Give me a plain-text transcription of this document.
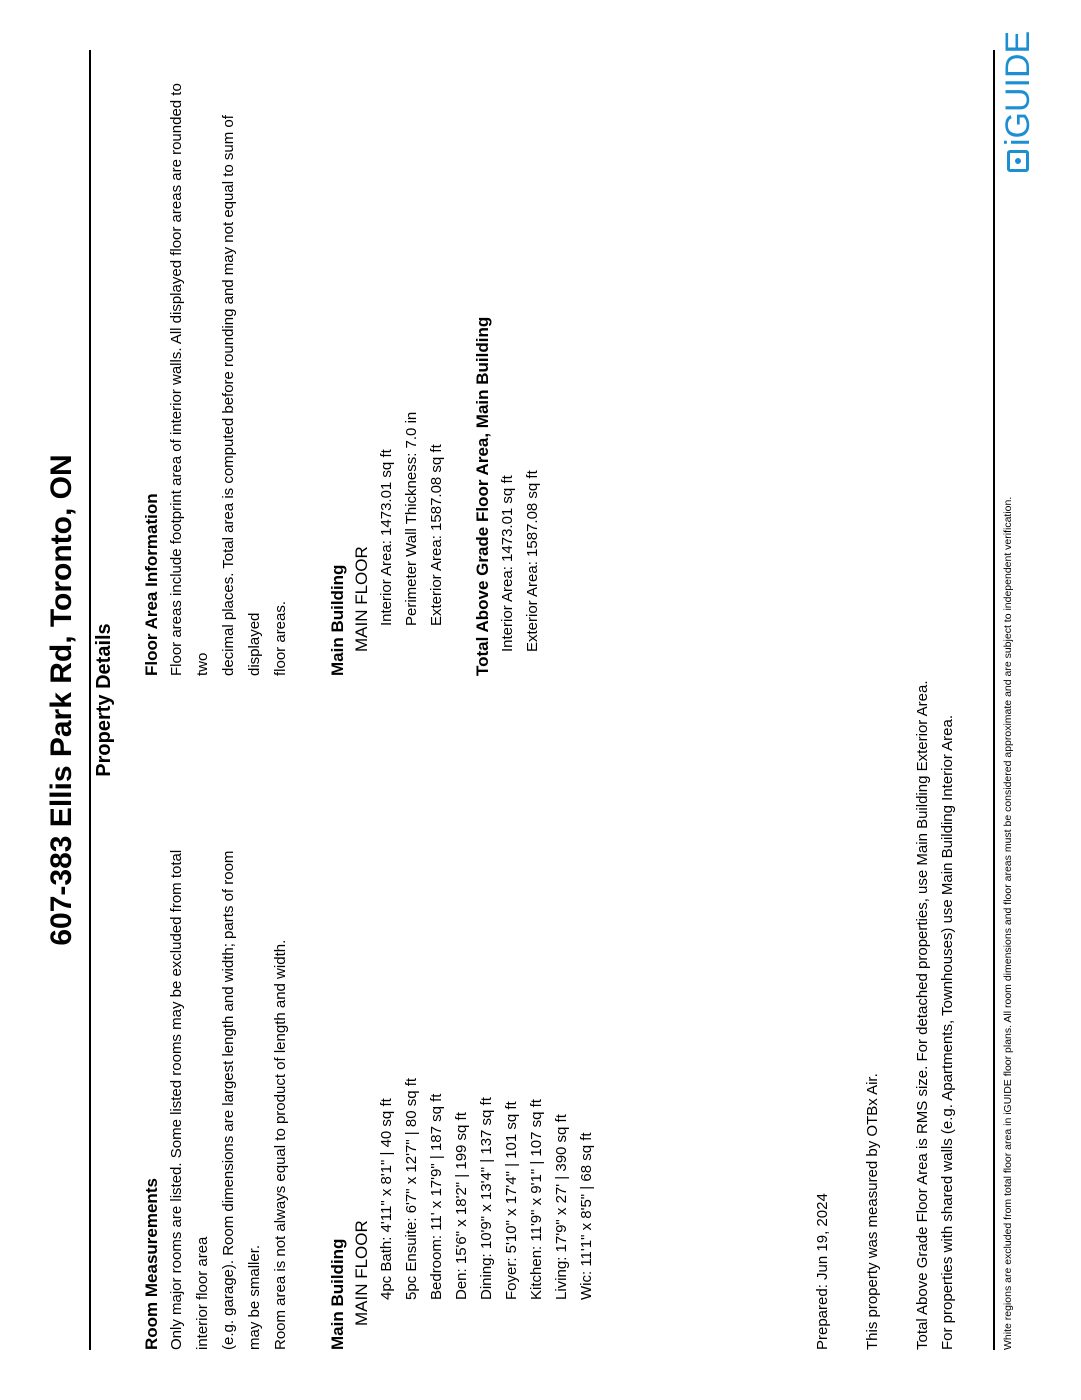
607-383 Ellis Park Rd, Toronto, ON Property Details
Room Measurements Only major rooms are listed. Some listed rooms may be excluded from total interior floor area (e.g. garage). Room dimensions are largest length and width; parts of room may be smaller. Room area is not always equal to product of length and width. Main Building MAIN FLOOR 4pc Bath: 4'11" x 8'1" | 40 sq ft 5pc Ensuite: 6'7" x 12'7" | 80 sq ft Bedroom: 11' x 17'9" | 187 sq ft Den: 15'6" x 18'2" | 199 sq ft Dining: 10'9" x 13'4" | 137 sq ft Foyer: 5'10" x 17'4" | 101 sq ft Kitchen: 11'9" x 9'1" | 107 sq ft Living: 17'9" x 27' | 390 sq ft Wic: 11'1" x 8'5" | 68 sq ft
Floor Area Information Floor areas include footprint area of interior walls. All displayed floor areas are rounded to two decimal places. Total area is computed before rounding and may not equal to sum of displayed floor areas. Main Building MAIN FLOOR Interior Area: 1473.01 sq ft Perimeter Wall Thickness: 7.0 in Exterior Area: 1587.08 sq ft Total Above Grade Floor Area, Main Building Interior Area: 1473.01 sq ft Exterior Area: 1587.08 sq ft
Prepared: Jun 19, 2024 This property was measured by OTBx Air. Total Above Grade Floor Area is RMS size. For detached properties, use Main Building Exterior Area. For properties with shared walls (e.g. Apartments, Townhouses) use Main Building Interior Area.	White regions are excluded from total floor area in iGUIDE floor plans. All room dimensions and floor areas must be considered approximate and are subject to independent verification.
iGUIDE
